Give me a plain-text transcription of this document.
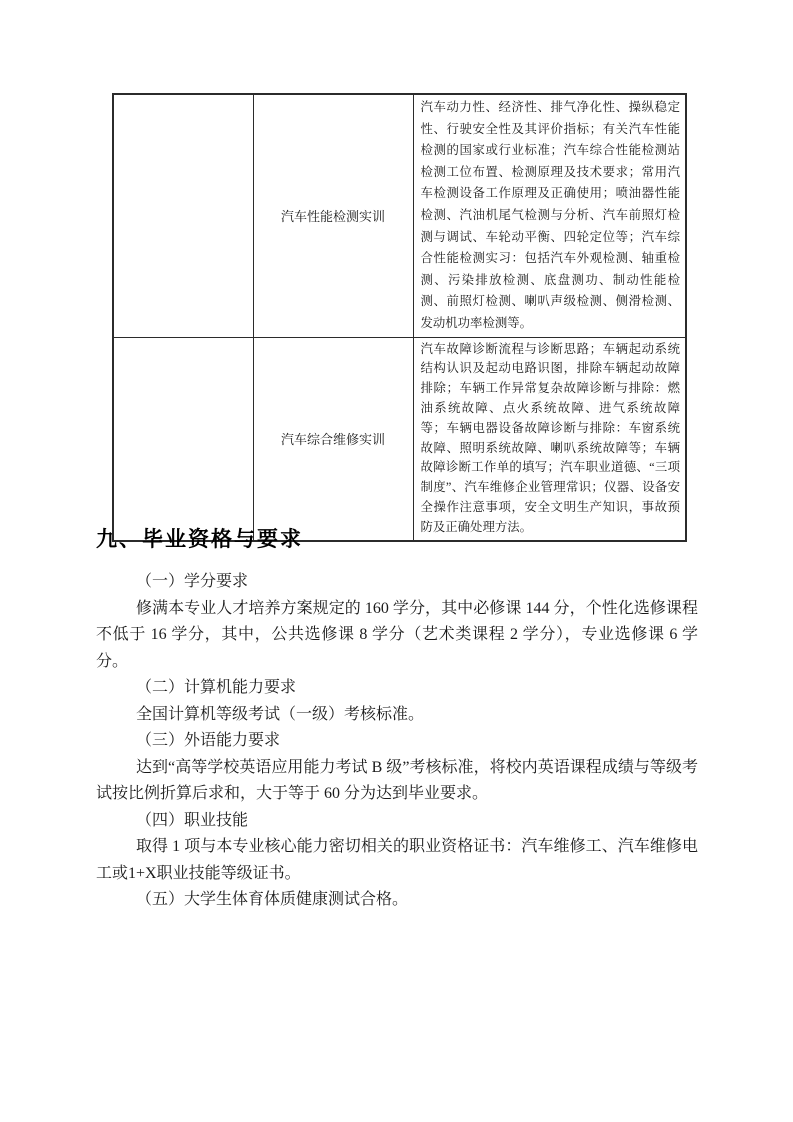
	汽车性能检测实训	汽车动力性、经济性、排气净化性、操纵稳定性、行驶安全性及其评价指标；有关汽车性能检测的国家或行业标准；汽车综合性能检测站检测工位布置、检测原理及技术要求；常用汽车检测设备工作原理及正确使用；喷油器性能检测、汽油机尾气检测与分析、汽车前照灯检测与调试、车轮动平衡、四轮定位等；汽车综合性能检测实习：包括汽车外观检测、轴重检测、污染排放检测、底盘测功、制动性能检测、前照灯检测、喇叭声级检测、侧滑检测、发动机功率检测等。
	汽车综合维修实训	汽车故障诊断流程与诊断思路；车辆起动系统结构认识及起动电路识图，排除车辆起动故障排除；车辆工作异常复杂故障诊断与排除：燃油系统故障、点火系统故障、进气系统故障等；车辆电器设备故障诊断与排除：车窗系统故障、照明系统故障、喇叭系统故障等；车辆故障诊断工作单的填写；汽车职业道德、“三项制度”、汽车维修企业管理常识；仪器、设备安全操作注意事项，安全文明生产知识，事故预防及正确处理方法。
九、毕业资格与要求

（一）学分要求

修满本专业人才培养方案规定的 160 学分，其中必修课 144 分，个性化选修课程不低于 16 学分，其中，公共选修课 8 学分（艺术类课程 2 学分），专业选修课 6 学分。

（二）计算机能力要求

全国计算机等级考试（一级）考核标准。

（三）外语能力要求

达到“高等学校英语应用能力考试 B 级”考核标准，将校内英语课程成绩与等级考试按比例折算后求和，大于等于 60 分为达到毕业要求。

（四）职业技能

取得 1 项与本专业核心能力密切相关的职业资格证书：汽车维修工、汽车维修电工或1+X职业技能等级证书。

（五）大学生体育体质健康测试合格。
